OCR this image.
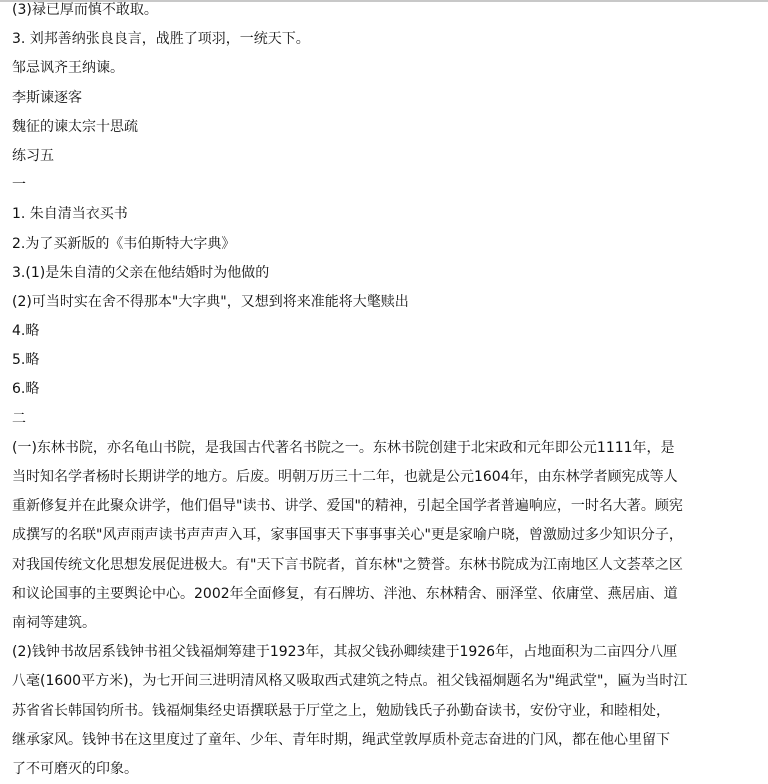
(3)禄已厚而慎不敢取。
3. 刘邦善纳张良良言，战胜了项羽，一统天下。
邹忌讽齐王纳谏。
李斯谏逐客
魏征的谏太宗十思疏
练习五
一
1. 朱自清当衣买书
2.为了买新版的《韦伯斯特大字典》
3.(1)是朱自清的父亲在他结婚时为他做的
(2)可当时实在舍不得那本"大字典"，又想到将来准能将大氅赎出
4.略
5.略
6.略
二
(一)东林书院，亦名龟山书院，是我国古代著名书院之一。东林书院创建于北宋政和元年即公元1111年，是
当时知名学者杨时长期讲学的地方。后废。明朝万历三十二年，也就是公元1604年，由东林学者顾宪成等人
重新修复并在此聚众讲学，他们倡导"读书、讲学、爱国"的精神，引起全国学者普遍响应，一时名大著。顾宪
成撰写的名联"风声雨声读书声声声入耳，家事国事天下事事事关心"更是家喻户晓，曾激励过多少知识分子，
对我国传统文化思想发展促进极大。有"天下言书院者，首东林"之赞誉。东林书院成为江南地区人文荟萃之区
和议论国事的主要舆论中心。2002年全面修复，有石牌坊、泮池、东林精舍、丽泽堂、依庸堂、燕居庙、道
南祠等建筑。
(2)钱钟书故居系钱钟书祖父钱福炯筹建于1923年，其叔父钱孙卿续建于1926年，占地面积为二亩四分八厘
八毫(1600平方米)，为七开间三进明清风格又吸取西式建筑之特点。祖父钱福炯题名为"绳武堂"，匾为当时江
苏省省长韩国钧所书。钱福炯集经史语撰联悬于厅堂之上，勉励钱氏子孙勤奋读书，安份守业，和睦相处，
继承家风。钱钟书在这里度过了童年、少年、青年时期，绳武堂敦厚质朴竞志奋进的门风，都在他心里留下
了不可磨灭的印象。
